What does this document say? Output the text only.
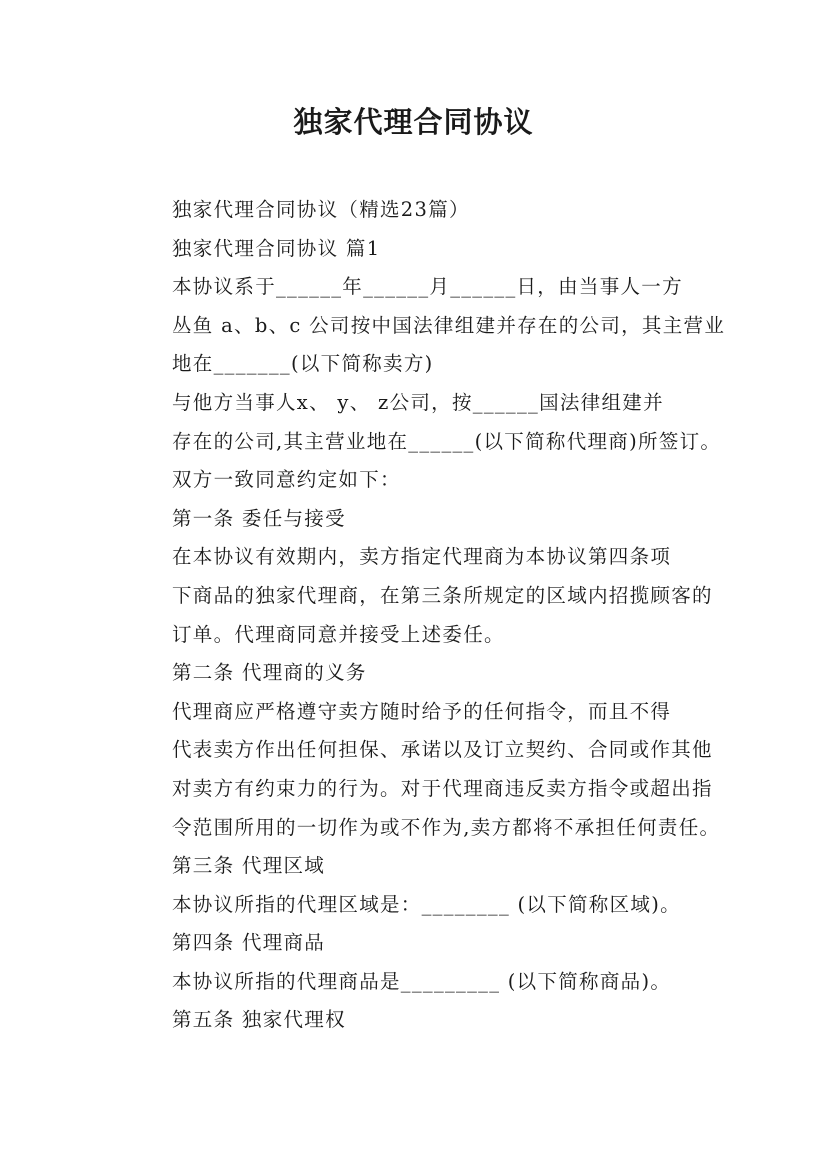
独家代理合同协议

独家代理合同协议（精选23篇）

独家代理合同协议 篇1

本协议系于______年______月______日，由当事人一方
丛鱼 a、b、c 公司按中国法律组建并存在的公司，其主营业
地在_______(以下简称卖方)

与他方当事人x、 y、 z公司，按______国法律组建并
存在的公司,其主营业地在______(以下简称代理商)所签订。

双方一致同意约定如下：

第一条 委任与接受

在本协议有效期内，卖方指定代理商为本协议第四条项
下商品的独家代理商，在第三条所规定的区域内招揽顾客的
订单。代理商同意并接受上述委任。

第二条 代理商的义务

代理商应严格遵守卖方随时给予的任何指令，而且不得
代表卖方作出任何担保、承诺以及订立契约、合同或作其他
对卖方有约束力的行为。对于代理商违反卖方指令或超出指
令范围所用的一切作为或不作为,卖方都将不承担任何责任。

第三条 代理区域

本协议所指的代理区域是：________ (以下简称区域)。

第四条 代理商品

本协议所指的代理商品是_________ (以下简称商品)。

第五条 独家代理权
